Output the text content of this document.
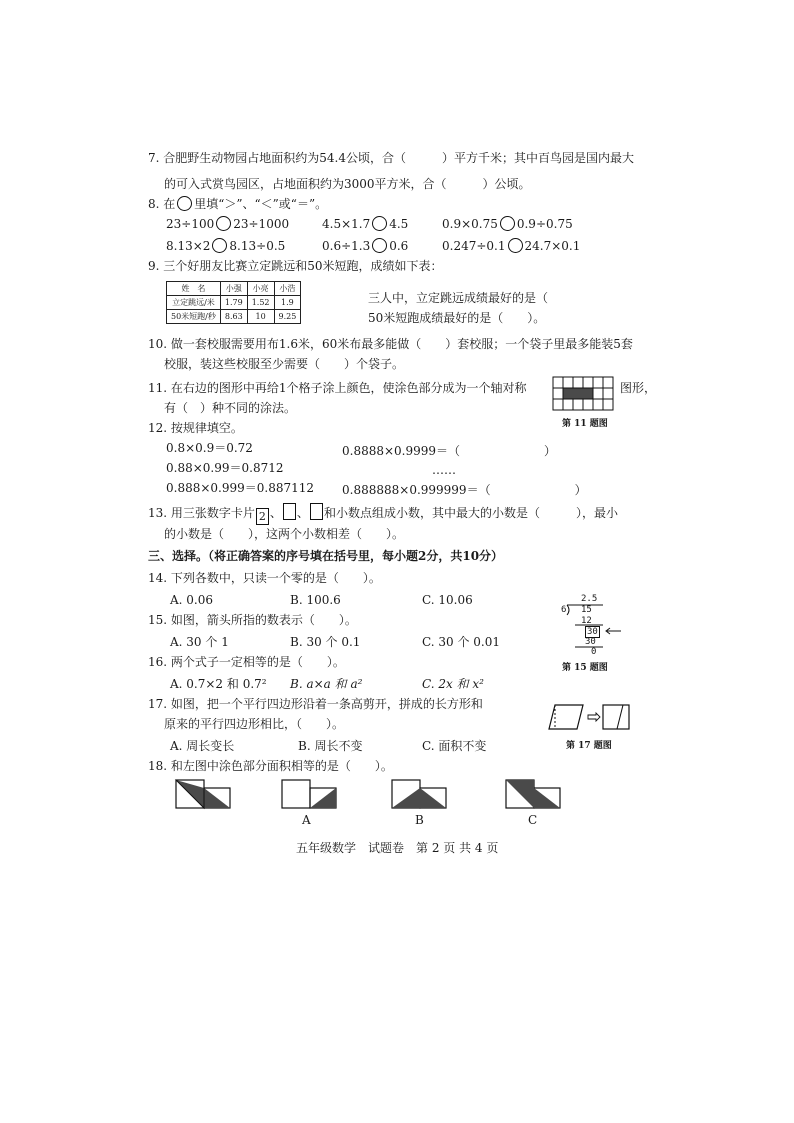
7. 合肥野生动物园占地面积约为54.4公顷，合（　　　）平方千米；其中百鸟园是国内最大
的可入式赏鸟园区，占地面积约为3000平方米，合（　　　）公顷。
8. 在 里填“＞”、“＜”或“＝”。
23÷100 23÷1000	4.5×1.7 4.5	0.9×0.75 0.9÷0.75
8.13×2 8.13÷0.5	0.6÷1.3 0.6	0.247÷0.1 24.7×0.1
9. 三个好朋友比赛立定跳远和50米短跑，成绩如下表：
姓　名	小强	小亮	小浩
立定跳远/米	1.79	1.52	1.9
50米短跑/秒	8.63	10	9.25
三人中，立定跳远成绩最好的是（
50米短跑成绩最好的是（　　）。
10. 做一套校服需要用布1.6米，60米布最多能做（　　）套校服；一个袋子里最多能装5套
校服，装这些校服至少需要（　　）个袋子。
11. 在右边的图形中再给1个格子涂上颜色，使涂色部分成为一个轴对称	图形，
有（　）种不同的涂法。
第 11 题图
12. 按规律填空。
0.8×0.9＝0.72
0.88×0.99＝0.8712
0.888×0.999＝0.887112
0.8888×0.9999＝（　　　　　　　）
……
0.888888×0.999999＝（　　　　　　　）
13. 用三张数字卡片 2 、 、 和小数点组成小数，其中最大的小数是（　　　），最小
的小数是（　　），这两个小数相差（　　）。
三、选择。（将正确答案的序号填在括号里，每小题2分，共10分）
14. 下列各数中，只读一个零的是（　　）。
A. 0.06	B. 100.6	C. 10.06
15. 如图，箭头所指的数表示（　　）。
A. 30 个 1	B. 30 个 0.1	C. 30 个 0.01
2.5
6 15
12
30
30
0
第 15 题图
16. 两个式子一定相等的是（　　）。
A. 0.7×2 和 0.7² B. a×a 和 a²	C. 2x 和 x²
17. 如图，把一个平行四边形沿着一条高剪开，拼成的长方形和
原来的平行四边形相比，（　　）。
A. 周长变长	B. 周长不变	C. 面积不变	第 17 题图
18. 和左图中涂色部分面积相等的是（　　）。
A	B	C
五年级数学　试题卷　第 2 页 共 4 页
